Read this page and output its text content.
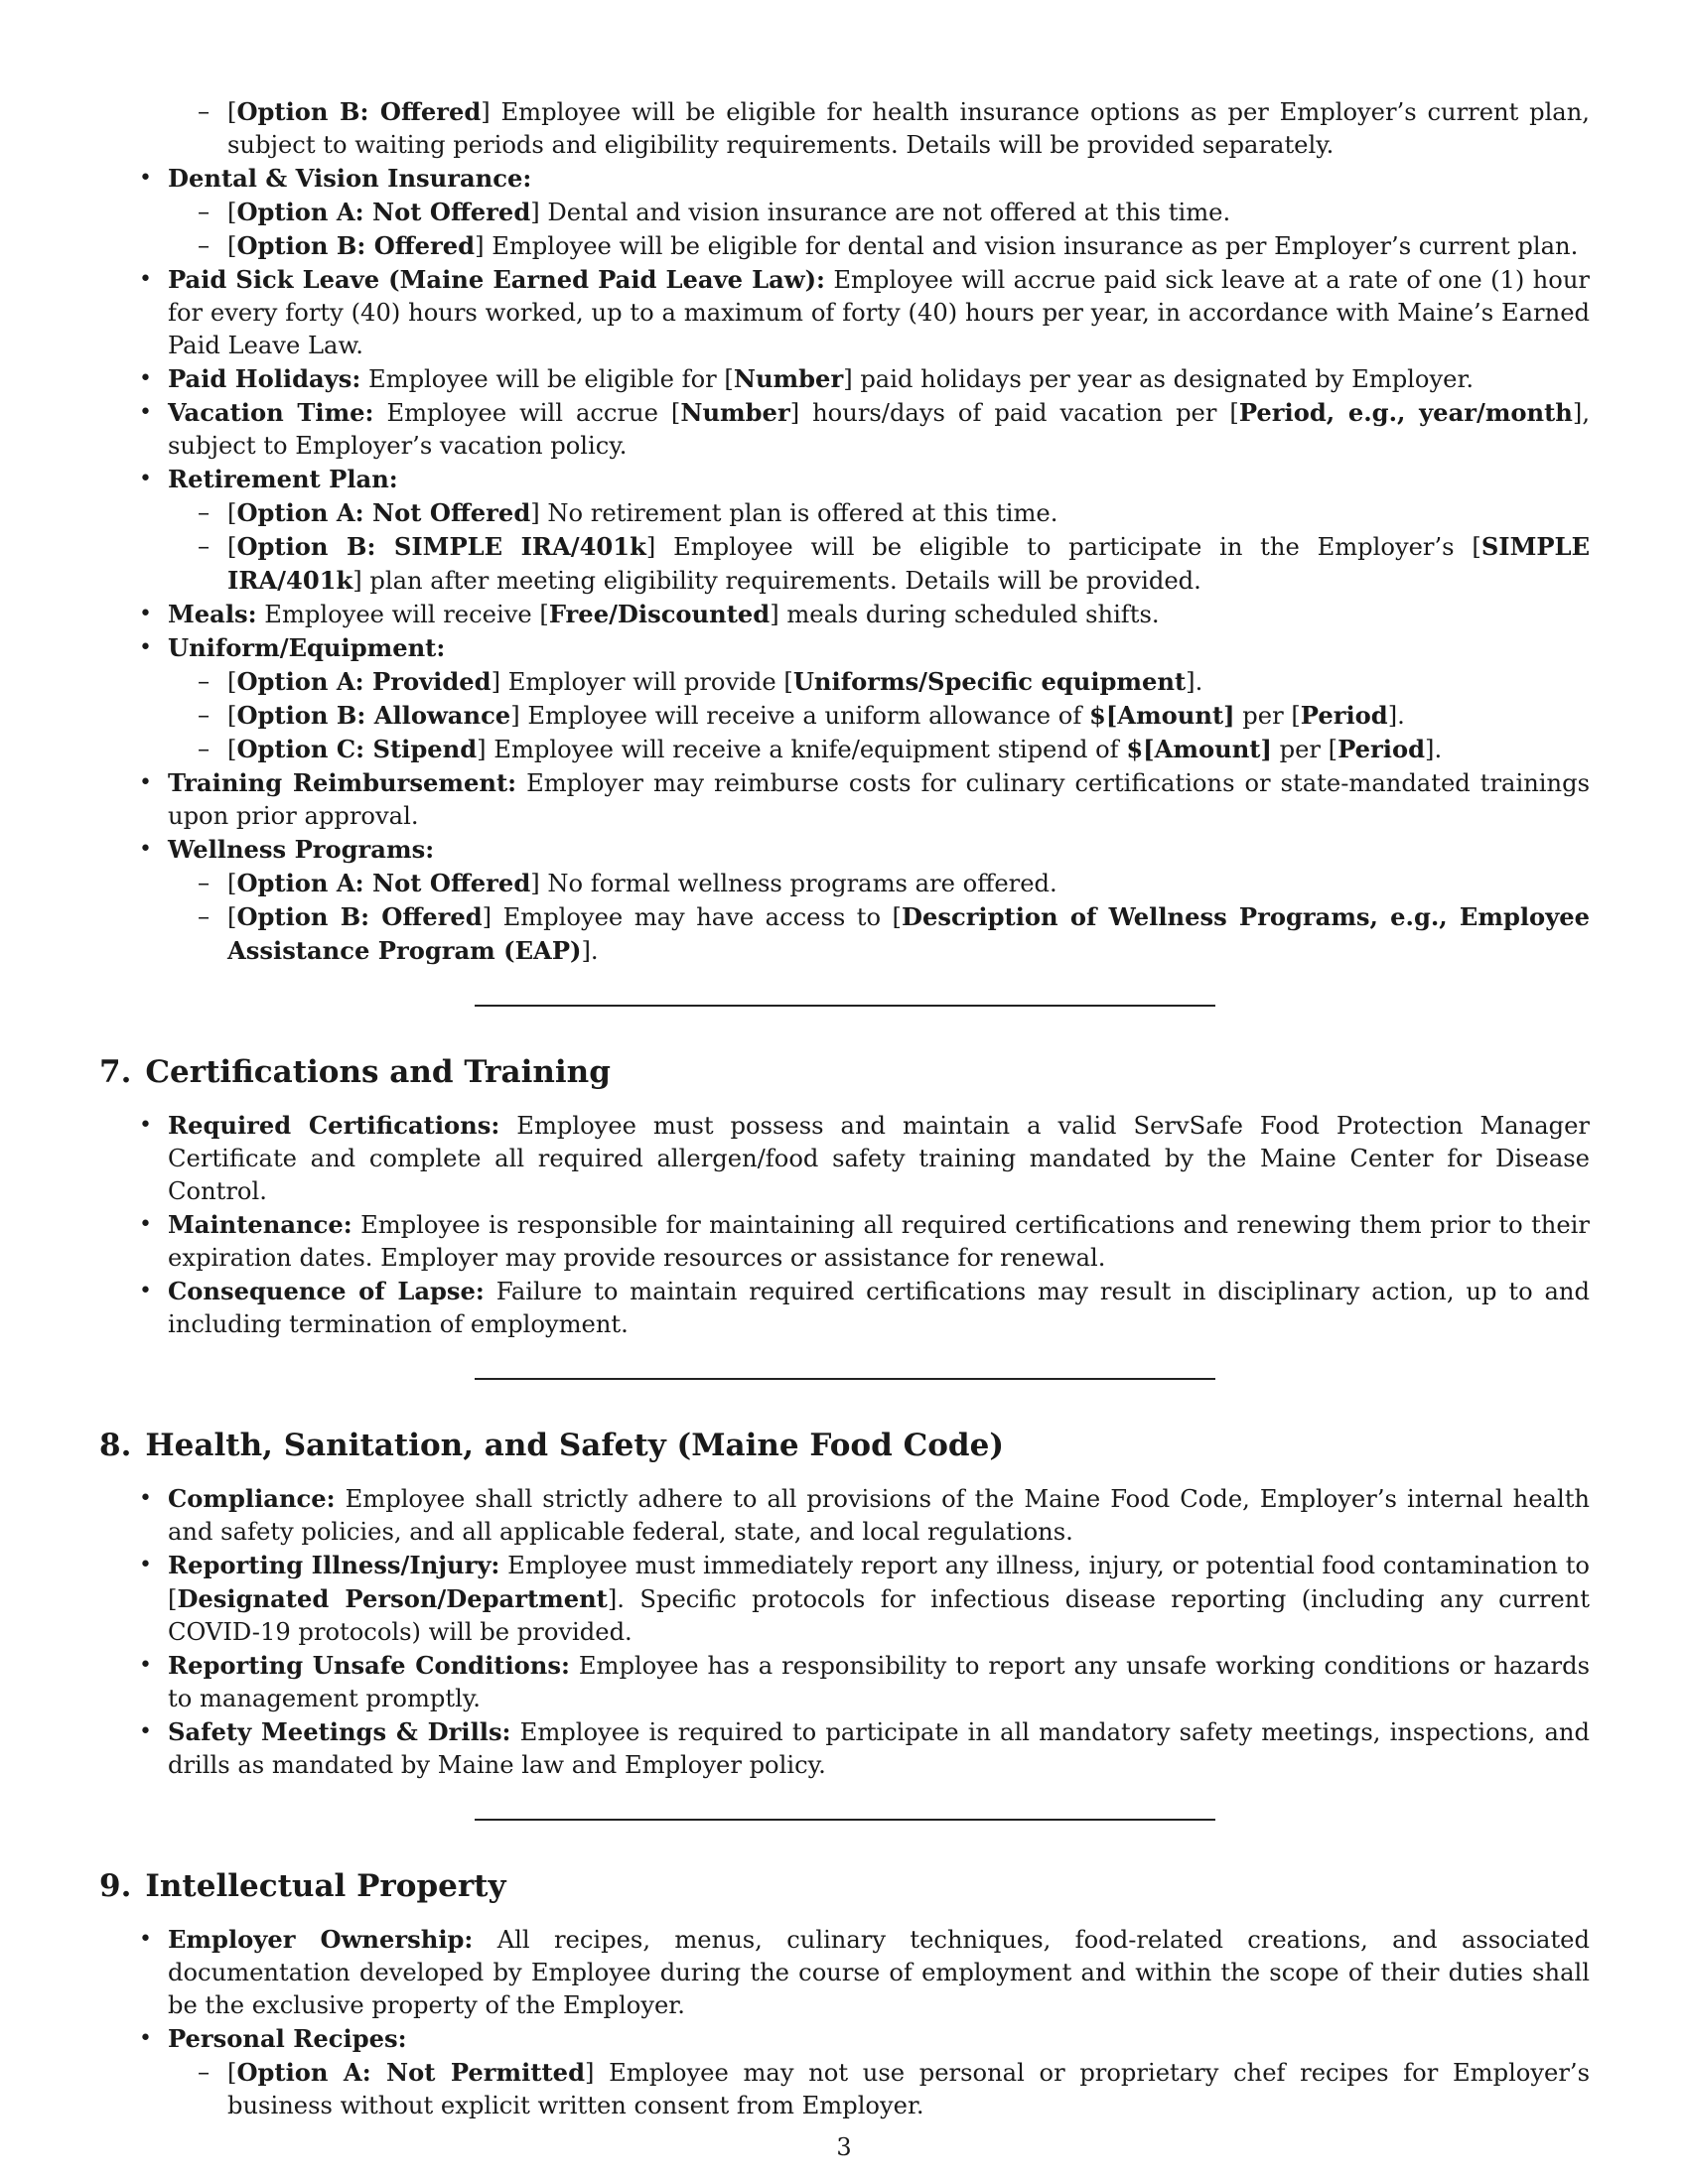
– [Option B: Offered] Employee will be eligible for health insurance options as per Employer’s current plan, subject to waiting periods and eligibility requirements. Details will be provided separately.
• Dental & Vision Insurance:
– [Option A: Not Offered] Dental and vision insurance are not offered at this time.
– [Option B: Offered] Employee will be eligible for dental and vision insurance as per Employer’s current plan.
• Paid Sick Leave (Maine Earned Paid Leave Law): Employee will accrue paid sick leave at a rate of one (1) hour for every forty (40) hours worked, up to a maximum of forty (40) hours per year, in accordance with Maine’s Earned Paid Leave Law.
• Paid Holidays: Employee will be eligible for [Number] paid holidays per year as designated by Employer.
• Vacation Time: Employee will accrue [Number] hours/days of paid vacation per [Period, e.g., year/month], subject to Employer’s vacation policy.
• Retirement Plan:
– [Option A: Not Offered] No retirement plan is offered at this time.
– [Option B: SIMPLE IRA/401k] Employee will be eligible to participate in the Employer’s [SIMPLE IRA/401k] plan after meeting eligibility requirements. Details will be provided.
• Meals: Employee will receive [Free/Discounted] meals during scheduled shifts.
• Uniform/Equipment:
– [Option A: Provided] Employer will provide [Uniforms/Specific equipment].
– [Option B: Allowance] Employee will receive a uniform allowance of $[Amount] per [Period].
– [Option C: Stipend] Employee will receive a knife/equipment stipend of $[Amount] per [Period].
• Training Reimbursement: Employer may reimburse costs for culinary certifications or state-mandated trainings upon prior approval.
• Wellness Programs:
– [Option A: Not Offered] No formal wellness programs are offered.
– [Option B: Offered] Employee may have access to [Description of Wellness Programs, e.g., Employee Assistance Program (EAP)].
7. Certifications and Training
• Required Certifications: Employee must possess and maintain a valid ServSafe Food Protection Manager Certificate and complete all required allergen/food safety training mandated by the Maine Center for Disease Control.
• Maintenance: Employee is responsible for maintaining all required certifications and renewing them prior to their expiration dates. Employer may provide resources or assistance for renewal.
• Consequence of Lapse: Failure to maintain required certifications may result in disciplinary action, up to and including termination of employment.
8. Health, Sanitation, and Safety (Maine Food Code)
• Compliance: Employee shall strictly adhere to all provisions of the Maine Food Code, Employer’s internal health and safety policies, and all applicable federal, state, and local regulations.
• Reporting Illness/Injury: Employee must immediately report any illness, injury, or potential food contamination to [Designated Person/Department]. Specific protocols for infectious disease reporting (including any current COVID-19 protocols) will be provided.
• Reporting Unsafe Conditions: Employee has a responsibility to report any unsafe working conditions or hazards to management promptly.
• Safety Meetings & Drills: Employee is required to participate in all mandatory safety meetings, inspections, and drills as mandated by Maine law and Employer policy.
9. Intellectual Property
• Employer Ownership: All recipes, menus, culinary techniques, food-related creations, and associated documentation developed by Employee during the course of employment and within the scope of their duties shall be the exclusive property of the Employer.
• Personal Recipes:
– [Option A: Not Permitted] Employee may not use personal or proprietary chef recipes for Employer’s business without explicit written consent from Employer.
3
